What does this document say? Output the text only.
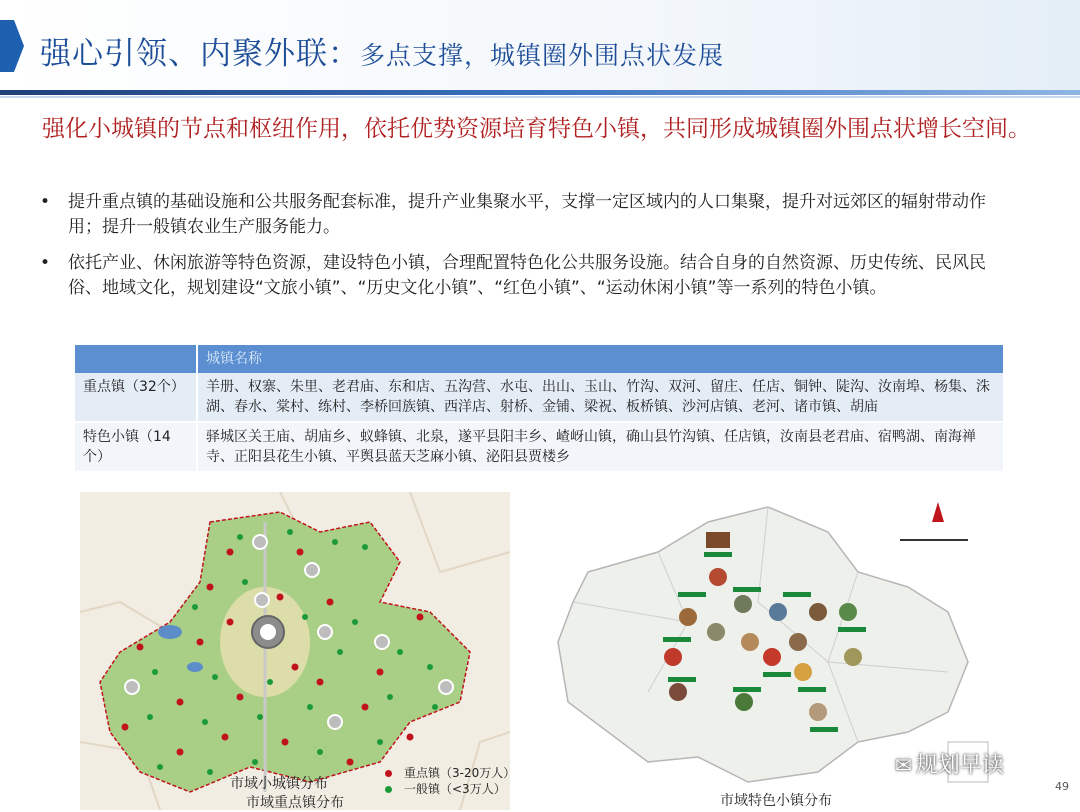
强心引领、内聚外联：多点支撑，城镇圈外围点状发展
强化小城镇的节点和枢纽作用，依托优势资源培育特色小镇，共同形成城镇圈外围点状增长空间。
• 提升重点镇的基础设施和公共服务配套标准，提升产业集聚水平，支撑一定区域内的人口集聚，提升对远郊区的辐射带动作用；提升一般镇农业生产服务能力。
• 依托产业、休闲旅游等特色资源，建设特色小镇，合理配置特色化公共服务设施。结合自身的自然资源、历史传统、民风民俗、地域文化，规划建设“文旅小镇”、“历史文化小镇”、“红色小镇”、“运动休闲小镇”等一系列的特色小镇。
	城镇名称
重点镇（32个）	羊册、权寨、朱里、老君庙、东和店、五沟营、水屯、出山、玉山、竹沟、双河、留庄、任店、铜钟、陡沟、汝南埠、杨集、洙湖、春水、棠村、练村、李桥回族镇、西洋店、射桥、金铺、梁祝、板桥镇、沙河店镇、老河、诸市镇、胡庙
特色小镇（14个）	驿城区关王庙、胡庙乡、蚁蜂镇、北泉，遂平县阳丰乡、嵖岈山镇，确山县竹沟镇、任店镇，汝南县老君庙、宿鸭湖、南海禅寺、正阳县花生小镇、平舆县蓝天芝麻小镇、泌阳县贾楼乡
市域小城镇分布
市域重点镇分布
重点镇（3-20万人）
一般镇（<3万人）
市域特色小镇分布
✉ 规划早读
49
